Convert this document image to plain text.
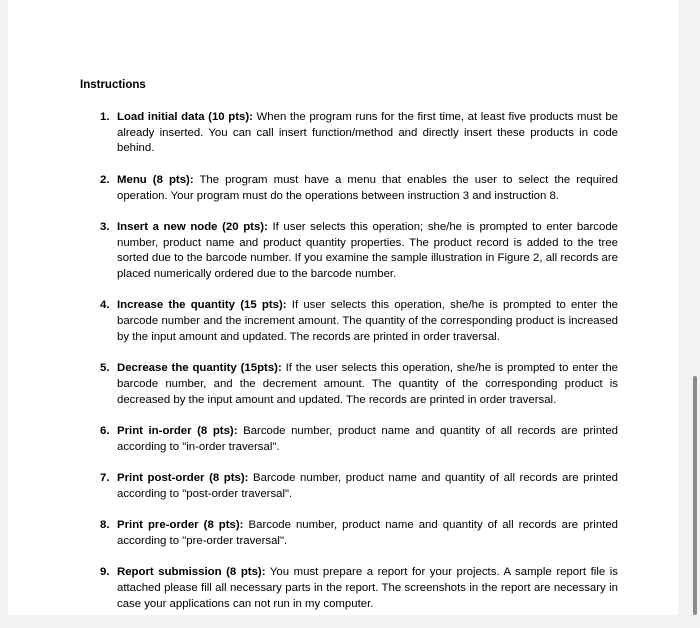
Instructions
1. Load initial data (10 pts): When the program runs for the first time, at least five products must be already inserted. You can call insert function/method and directly insert these products in code behind.
2. Menu (8 pts): The program must have a menu that enables the user to select the required operation. Your program must do the operations between instruction 3 and instruction 8.
3. Insert a new node (20 pts): If user selects this operation; she/he is prompted to enter barcode number, product name and product quantity properties. The product record is added to the tree sorted due to the barcode number. If you examine the sample illustration in Figure 2, all records are placed numerically ordered due to the barcode number.
4. Increase the quantity (15 pts): If user selects this operation, she/he is prompted to enter the barcode number and the increment amount. The quantity of the corresponding product is increased by the input amount and updated. The records are printed in order traversal.
5. Decrease the quantity (15pts): If the user selects this operation, she/he is prompted to enter the barcode number, and the decrement amount. The quantity of the corresponding product is decreased by the input amount and updated. The records are printed in order traversal.
6. Print in-order (8 pts): Barcode number, product name and quantity of all records are printed according to "in-order traversal".
7. Print post-order (8 pts): Barcode number, product name and quantity of all records are printed according to "post-order traversal".
8. Print pre-order (8 pts): Barcode number, product name and quantity of all records are printed according to "pre-order traversal".
9. Report submission (8 pts): You must prepare a report for your projects. A sample report file is attached please fill all necessary parts in the report. The screenshots in the report are necessary in case your applications can not run in my computer.
